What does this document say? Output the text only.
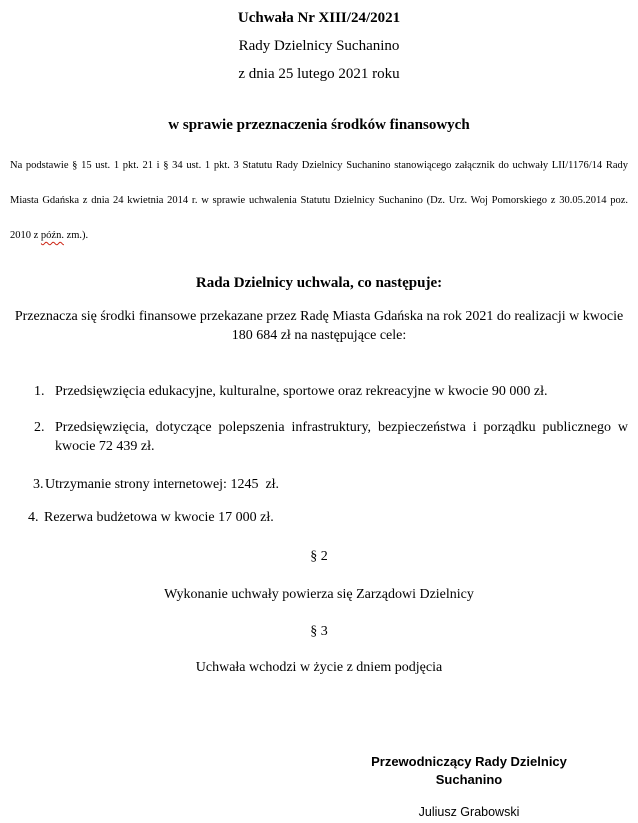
Uchwała Nr XIII/24/2021

Rady Dzielnicy Suchanino

z dnia 25 lutego 2021 roku

w sprawie przeznaczenia środków finansowych

Na podstawie § 15 ust. 1 pkt. 21 i § 34 ust. 1 pkt. 3 Statutu Rady Dzielnicy Suchanino stanowiącego załącznik do uchwały LII/1176/14 Rady Miasta Gdańska z dnia 24 kwietnia 2014 r. w sprawie uchwalenia Statutu Dzielnicy Suchanino (Dz. Urz. Woj Pomorskiego z 30.05.2014 poz. 2010 z późn. zm.).

Rada Dzielnicy uchwala, co następuje:

Przeznacza się środki finansowe przekazane przez Radę Miasta Gdańska na rok 2021 do realizacji w kwocie 180 684 zł na następujące cele:

1. Przedsięwzięcia edukacyjne, kulturalne, sportowe oraz rekreacyjne w kwocie 90 000 zł.
2. Przedsięwzięcia, dotyczące polepszenia infrastruktury, bezpieczeństwa i porządku publicznego w kwocie 72 439 zł.
3. Utrzymanie strony internetowej: 1245  zł.
4. Rezerwa budżetowa w kwocie 17 000 zł.

§ 2

Wykonanie uchwały powierza się Zarządowi Dzielnicy

§ 3

Uchwała wchodzi w życie z dniem podjęcia

Przewodniczący Rady Dzielnicy Suchanino

Juliusz Grabowski
